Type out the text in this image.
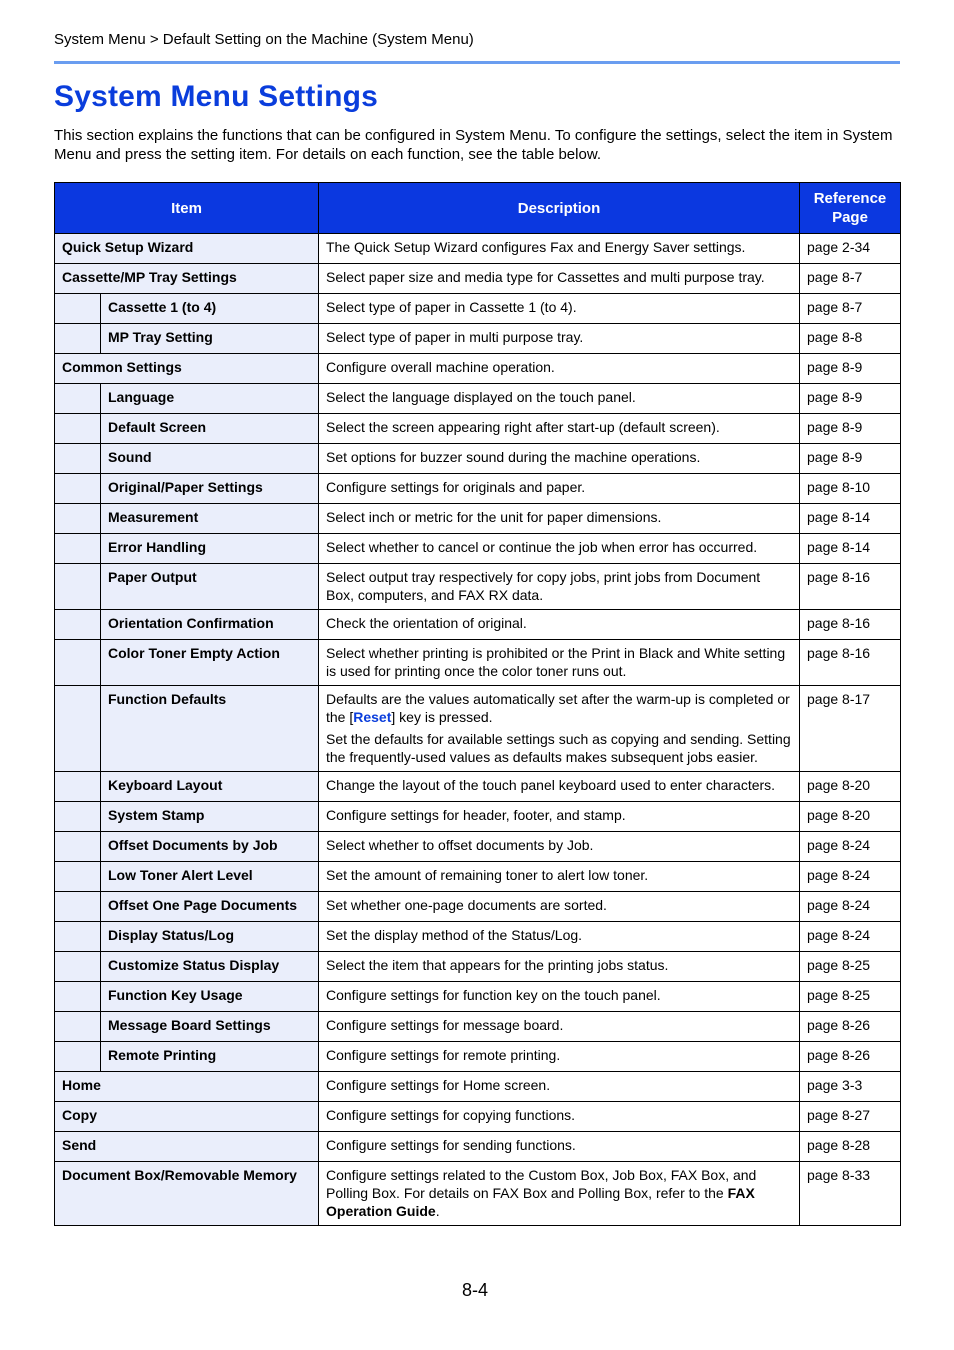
System Menu > Default Setting on the Machine (System Menu)
System Menu Settings

This section explains the functions that can be configured in System Menu. To configure the settings, select the item in System Menu and press the setting item. For details on each function, see the table below.

Item		Description	Reference Page
Quick Setup Wizard		The Quick Setup Wizard configures Fax and Energy Saver settings.	page 2-34
Cassette/MP Tray Settings		Select paper size and media type for Cassettes and multi purpose tray.	page 8-7
	Cassette 1 (to 4)	Select type of paper in Cassette 1 (to 4).	page 8-7
	MP Tray Setting	Select type of paper in multi purpose tray.	page 8-8
Common Settings		Configure overall machine operation.	page 8-9
	Language	Select the language displayed on the touch panel.	page 8-9
	Default Screen	Select the screen appearing right after start-up (default screen).	page 8-9
	Sound	Set options for buzzer sound during the machine operations.	page 8-9
	Original/Paper Settings	Configure settings for originals and paper.	page 8-10
	Measurement	Select inch or metric for the unit for paper dimensions.	page 8-14
	Error Handling	Select whether to cancel or continue the job when error has occurred.	page 8-14
	Paper Output	Select output tray respectively for copy jobs, print jobs from Document Box, computers, and FAX RX data.	page 8-16
	Orientation Confirmation	Check the orientation of original.	page 8-16
	Color Toner Empty Action	Select whether printing is prohibited or the Print in Black and White setting is used for printing once the color toner runs out.	page 8-16
	Function Defaults	Defaults are the values automatically set after the warm-up is completed or the [Reset] key is pressed.
Set the defaults for available settings such as copying and sending. Setting the frequently-used values as defaults makes subsequent jobs easier.	page 8-17
	Keyboard Layout	Change the layout of the touch panel keyboard used to enter characters.	page 8-20
	System Stamp	Configure settings for header, footer, and stamp.	page 8-20
	Offset Documents by Job	Select whether to offset documents by Job.	page 8-24
	Low Toner Alert Level	Set the amount of remaining toner to alert low toner.	page 8-24
	Offset One Page Documents	Set whether one-page documents are sorted.	page 8-24
	Display Status/Log	Set the display method of the Status/Log.	page 8-24
	Customize Status Display	Select the item that appears for the printing jobs status.	page 8-25
	Function Key Usage	Configure settings for function key on the touch panel.	page 8-25
	Message Board Settings	Configure settings for message board.	page 8-26
	Remote Printing	Configure settings for remote printing.	page 8-26
Home		Configure settings for Home screen.	page 3-3
Copy		Configure settings for copying functions.	page 8-27
Send		Configure settings for sending functions.	page 8-28
Document Box/Removable Memory		Configure settings related to the Custom Box, Job Box, FAX Box, and Polling Box. For details on FAX Box and Polling Box, refer to the FAX Operation Guide.	page 8-33
8-4
